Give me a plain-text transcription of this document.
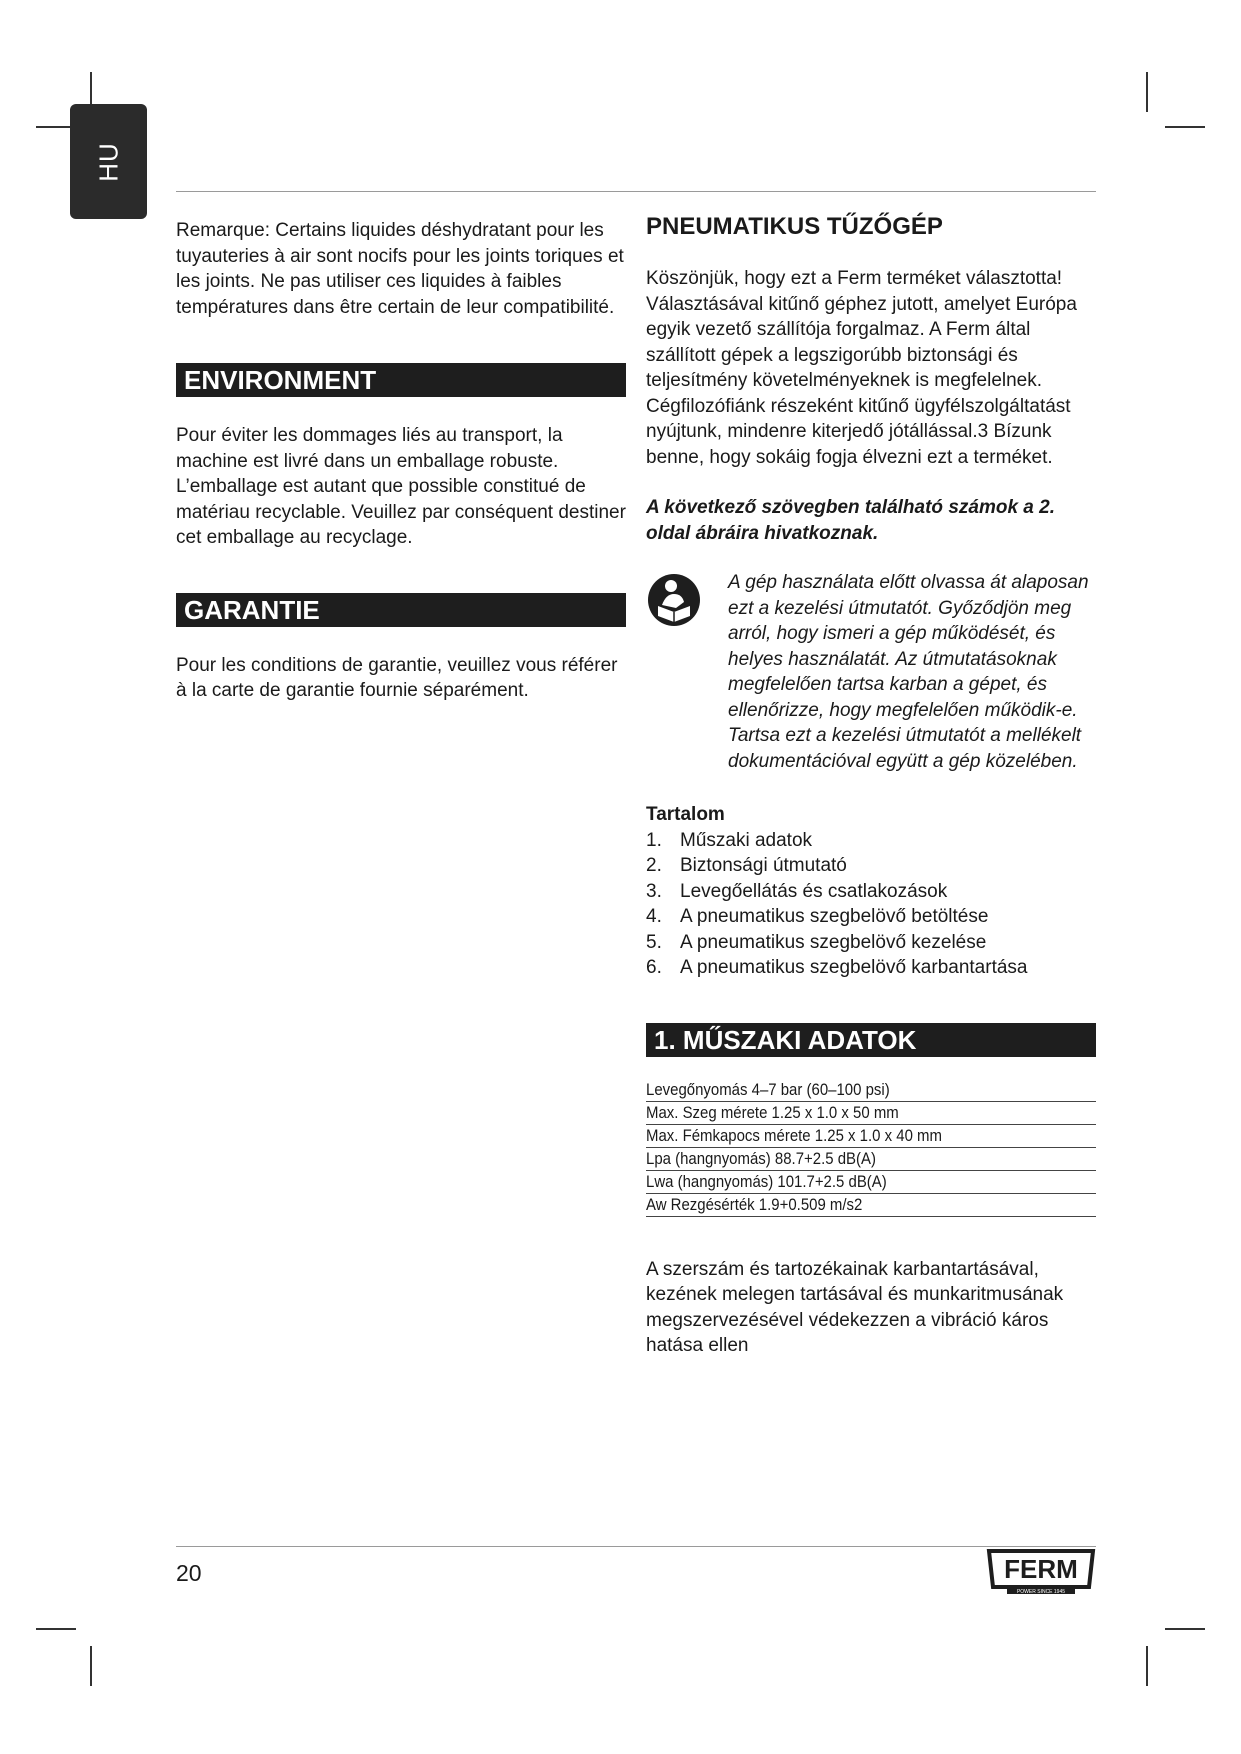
HU

Remarque: Certains liquides déshydratant pour les tuyauteries à air sont nocifs pour les joints toriques et les joints. Ne pas utiliser ces liquides à faibles températures dans être certain de leur compatibilité.

ENVIRONMENT

Pour éviter les dommages liés au transport, la machine est livré dans un emballage robuste. L’emballage est autant que possible constitué de matériau recyclable. Veuillez par conséquent destiner cet emballage au recyclage.

GARANTIE

Pour les conditions de garantie, veuillez vous référer à la carte de garantie fournie séparément.

PNEUMATIKUS TŰZŐGÉP

Köszönjük, hogy ezt a Ferm terméket választotta! Választásával kitűnő géphez jutott, amelyet Európa egyik vezető szállítója forgalmaz. A Ferm által szállított gépek a legszigorúbb biztonsági és teljesítmény követelményeknek is megfelelnek. Cégfilozófiánk részeként kitűnő ügyfélszolgáltatást nyújtunk, mindenre kiterjedő jótállással.3 Bízunk benne, hogy sokáig fogja élvezni ezt a terméket.

A következő szövegben található számok a 2. oldal ábráira hivatkoznak.

A gép használata előtt olvassa át alaposan ezt a kezelési útmutatót. Győződjön meg arról, hogy ismeri a gép működését, és helyes használatát. Az útmutatásoknak megfelelően tartsa karban a gépet, és ellenőrizze, hogy megfelelően működik-e. Tartsa ezt a kezelési útmutatót a mellékelt dokumentációval együtt a gép közelében.

Tartalom

1. Műszaki adatok
2. Biztonsági útmutató
3. Levegőellátás és csatlakozások
4. A pneumatikus szegbelövő betöltése
5. A pneumatikus szegbelövő kezelése
6. A pneumatikus szegbelövő karbantartása
1. MŰSZAKI ADATOK
Levegőnyomás 4–7 bar (60–100 psi)
Max. Szeg mérete 1.25 x 1.0 x 50 mm
Max. Fémkapocs mérete 1.25 x 1.0 x 40 mm
Lpa (hangnyomás) 88.7+2.5 dB(A)
Lwa (hangnyomás) 101.7+2.5 dB(A)
Aw Rezgésérték 1.9+0.509 m/s2

A szerszám és tartozékainak karbantartásával, kezének melegen tartásával és munkaritmusának megszervezésével védekezzen a vibráció káros hatása ellen

20	FERM
POWER SINCE 1945
